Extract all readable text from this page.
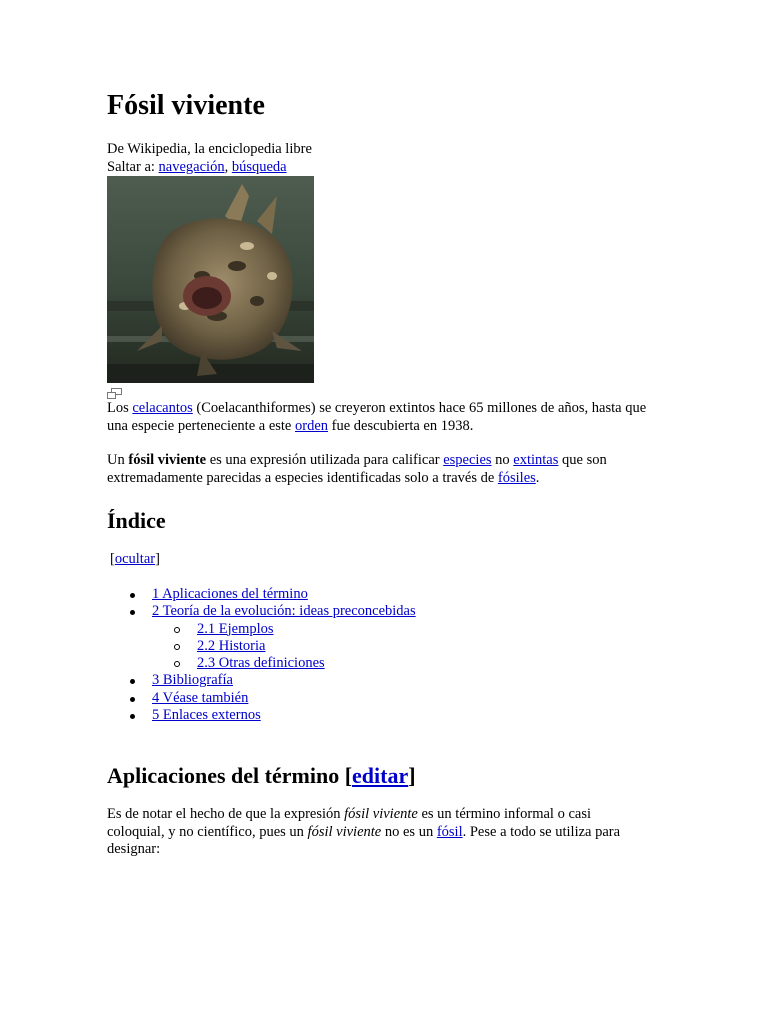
Fósil viviente
De Wikipedia, la enciclopedia libre
Saltar a: navegación, búsqueda
Los celacantos (Coelacanthiformes) se creyeron extintos hace 65 millones de años, hasta que una especie perteneciente a este orden fue descubierta en 1938.
Un fósil viviente es una expresión utilizada para calificar especies no extintas que son extremadamente parecidas a especies identificadas solo a través de fósiles.
Índice
[ocultar]
1 Aplicaciones del término
2 Teoría de la evolución: ideas preconcebidas
2.1 Ejemplos
2.2 Historia
2.3 Otras definiciones
3 Bibliografía
4 Véase también
5 Enlaces externos
Aplicaciones del término [editar]
Es de notar el hecho de que la expresión fósil viviente es un término informal o casi coloquial, y no científico, pues un fósil viviente no es un fósil. Pese a todo se utiliza para designar:
